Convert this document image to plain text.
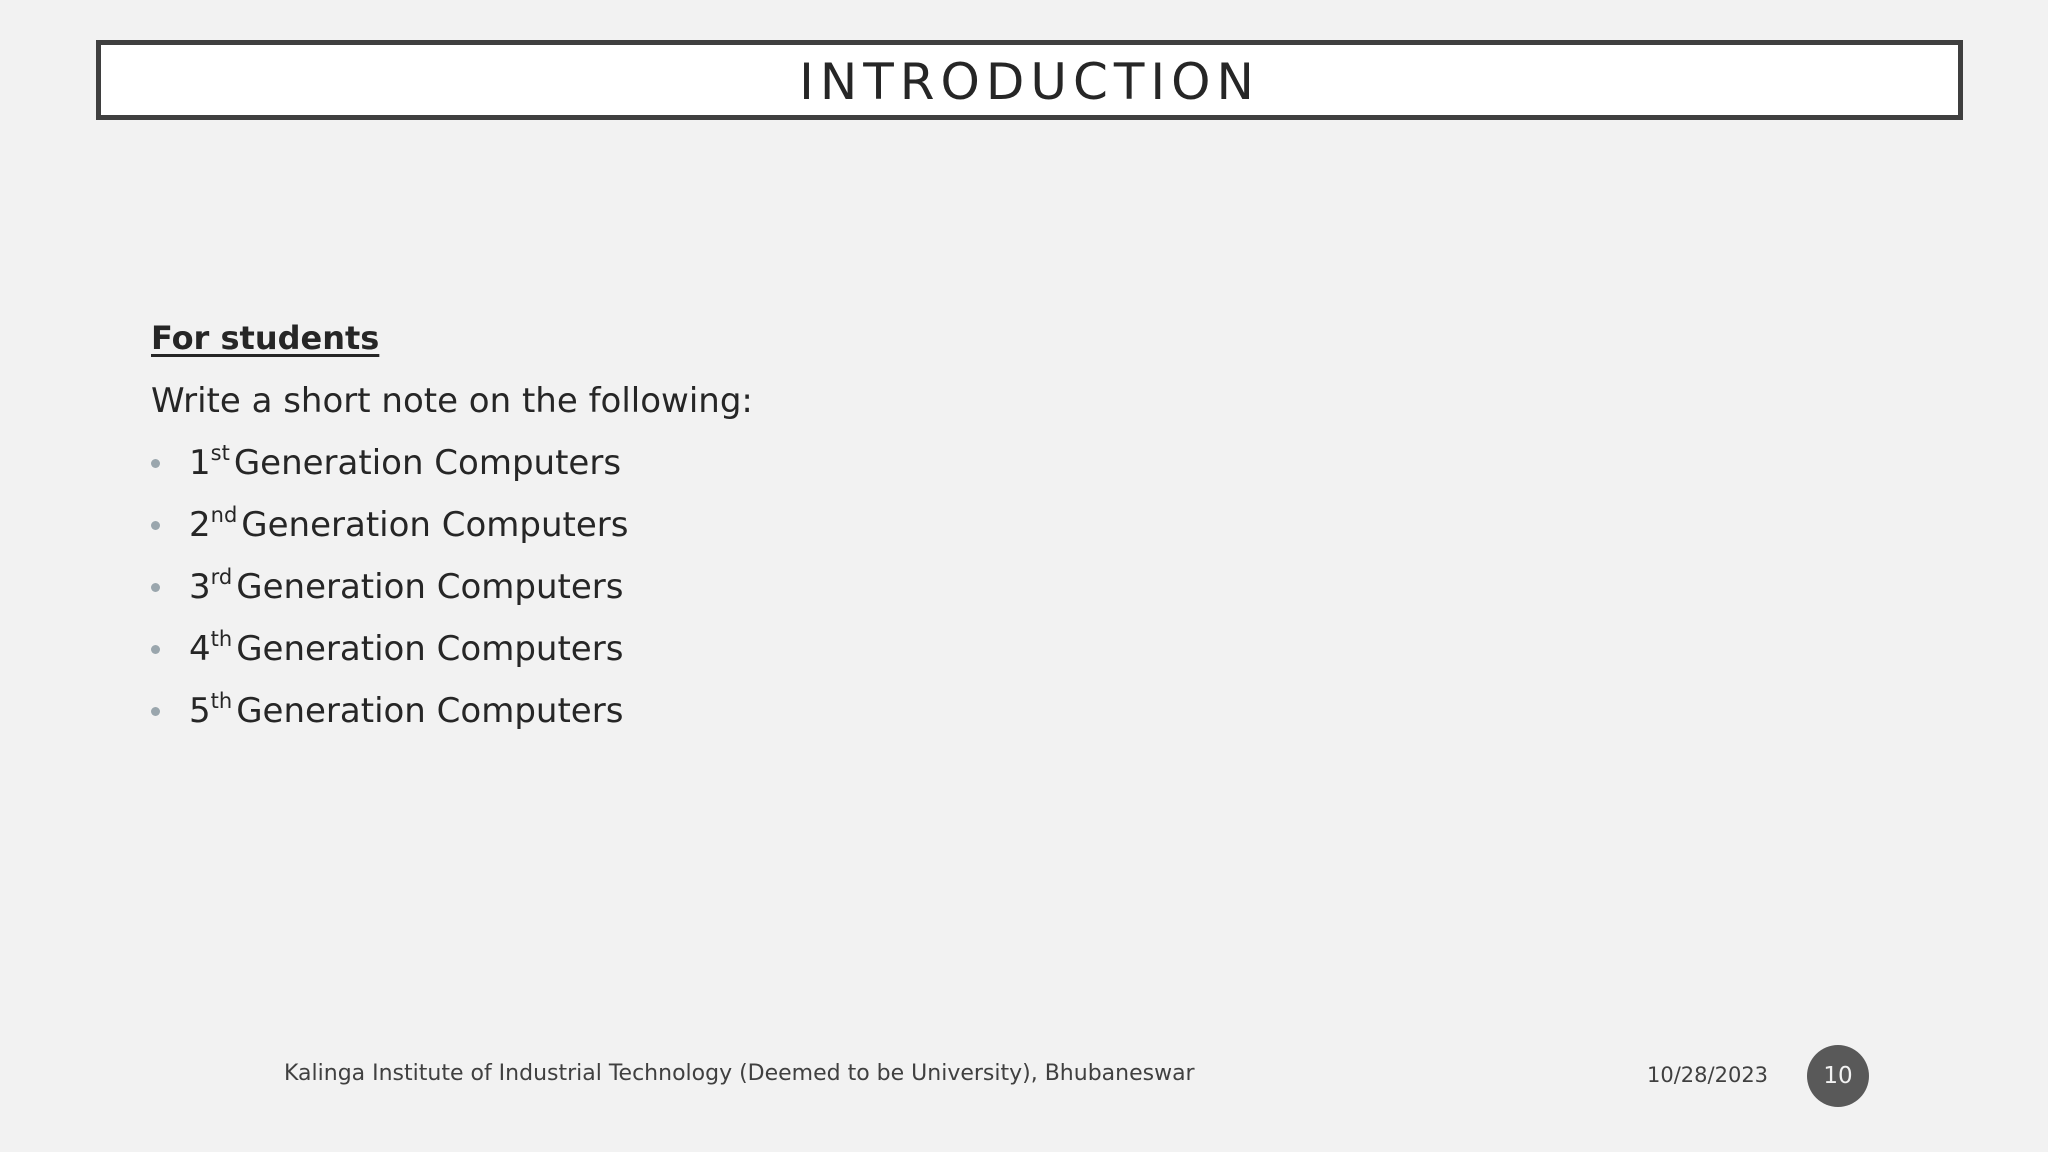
INTRODUCTION
For students
Write a short note on the following:
1st Generation Computers
2nd Generation Computers
3rd Generation Computers
4th Generation Computers
5th Generation Computers
Kalinga Institute of Industrial Technology (Deemed to be University), Bhubaneswar	10/28/2023 10
